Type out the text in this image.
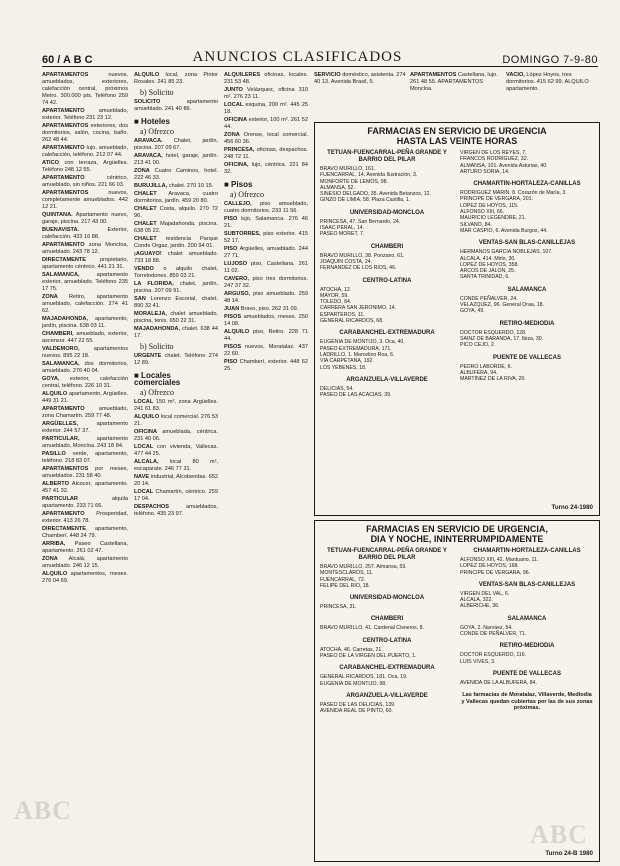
60 / A B C	ANUNCIOS CLASIFICADOS	DOMINGO 7-9-80

APARTAMENTOS nuevos, amueblados, exteriores, calefacción central, próximos Metro. 300.000 pts. Teléfono 259 74 42.

APARTAMENTO amueblado, exterior. Teléfono 231 23 12.

APARTAMENTOS exteriores, dos dormitorios, salón, cocina, baño. 262 48 44.

APARTAMENTO lujo, amueblado, calefacción, teléfono. 212 07 44.

ATICO con terraza, Argüelles. Teléfono 248 12 55.

APARTAMENTO céntrico, amueblado, sin niños. 221 66 03.

APARTAMENTOS nuevos, completamente amueblados. 442 12 21.

QUINTANA. Apartamento nuevo, garaje, piscina. 217 43 00.

BUENAVISTA. Exterior, calefacción. 433 16 88.

APARTAMENTO zona Moncloa, amueblado. 243 78 12.

DIRECTAMENTE propietario, apartamento céntrico. 441 21 31.

SALAMANCA, apartamento exterior, amueblado. Teléfono 235 17 75.

ZONA Retiro, apartamento amueblado, calefacción. 274 41 62.

MAJADAHONDA, apartamento, jardín, piscina. 638 03 11.

CHAMBERI, amueblado, exterior, ascensor. 447 22 55.

VALDEMORO, apartamentos nuevos. 895 22 18.

SALAMANCA, dos dormitorios, amueblado. 276 40 04.

GOYA, exterior, calefacción central, teléfono. 226 10 31.

ALQUILO apartamento, Argüelles. 449 31 21.

APARTAMENTO amueblado, zona Chamartín. 259 77 48.

ARGÜELLES, apartamento exterior. 244 57 37.

PARTICULAR, apartamento amueblado, Moncloa. 243 18 84.

PASILLO verde, apartamento, teléfono. 218 83 07.

APARTAMENTOS por meses, amueblados. 231 58 40.

ALBERTO Alcocer, apartamento. 457 41 32.

PARTICULAR alquila apartamento. 233 71 66.

APARTAMENTO Prosperidad, exterior. 413 26 78.

DIRECTAMENTE apartamento, Chamberí. 448 24 79.

ARRIBA, Paseo Castellana, apartamento. 261 02 47.

ZONA Alcalá, apartamento amueblado. 246 12 15.

ALQUILO apartamentos, meses. 276 04 69.

ALQUILO local, zona Pintor Rosales. 241 85 23.

b) Solicito

SOLICITO apartamento amueblado. 241 40 86.

■ Hoteles
a) Ofrezco

ARAVACA. Chalet, jardín, piscina. 207 09 67.

ARAVACA, hotel, garaje, jardín. 213 41 00.

ZONA Cuatro Caminos, hotel. 222 46 33.

BURUJILLA, chalet. 270 10 15.

CHALET Aravaca, cuatro dormitorios, jardín. 459 20 80.

CHALET Costa, alquilo. 270 72 96.

CHALET Majadahonda, piscina. 638 05 22.

CHALET residencia Parque Conde Orgaz, jardín. 200 94 01.

¡AGUAYO! chalet amueblado. 733 18 88.

VENDO o alquilo chalet, Torrelodones. 859 03 21.

LA FLORIDA, chalet, jardín, piscina. 207 09 91.

SAN Lorenzo Escorial, chalet. 890 32 41.

MORALEJA, chalet amueblado, piscina, tenis. 650 22 31.

MAJADAHONDA, chalet. 638 44 17.

b) Solicito

URGENTE chalet. Teléfono 274 12 89.

■ Locales comerciales
a) Ofrezco

LOCAL 150 m², zona Argüelles. 241 61 83.

ALQUILO local comercial. 276 53 21.

OFICINA amueblada, céntrica. 231 40 06.

LOCAL con vivienda, Vallecas. 477 44 25.

ALCALA, local 80 m², escaparate. 246 77 31.

NAVE industrial, Alcobendas. 652 20 14.

LOCAL Chamartín, céntrico. 259 17 04.

DESPACHOS amueblados, teléfono. 435 23 97.

ALQUILERES oficinas, locales. 231 53 48.

JUNTO Velázquez, oficina 310 m². 276 23 11.

LOCAL esquina, 200 m². 445 25 18.

OFICINA exterior, 100 m². 261 52 44.

ZONA Orense, local comercial. 456 60 36.

PRINCESA, oficinas, despachos. 248 72 11.

OFICINA, lujo, céntrica. 221 84 32.

■ Pisos
a) Ofrezco

CALLEJO, piso amueblado, cuatro dormitorios. 233 11 56.

PISO lujo, Salamanca. 276 46 21.

SUBTORRES, piso exterior. 415 52 17.

PISO Argüelles, amueblado. 244 27 71.

LUJOSO piso, Castellana. 261 11 02.

CAVERO, piso tres dormitorios. 247 37 32.

ARGUSO, piso amueblado. 259 48 14.

JUAN Bravo, piso. 262 31 09.

PISOS amueblados, meses. 250 14 08.

ALQUILO piso, Retiro. 228 71 44.

PISOS nuevos, Moratalaz. 437 22 60.

PISO Chamberí, exterior. 448 62 25.

SERVICIO doméstico, asistenta. 274 40 13. Avenida Brasil, 5.

APARTAMENTOS Castellana, lujo. 261 48 55. APARTAMENTOS Moncloa.

VACIO, López Hoyos, tres dormitorios. 415 62 99. ALQUILO apartamento.

FARMACIAS EN SERVICIO DE URGENCIA
HASTA LAS VEINTE HORAS
TETUAN-FUENCARRAL-PEÑA GRANDE Y BARRIO DEL PILAR

BRAVO MURILLO, 161.

FUENCARRAL, 14. Avenida Ilustración, 3.

MONFORTE DE LEMOS, 98.

ALMANSA, 52.

SINESIO DELGADO, 35. Avenida Betanzos, 12.

GINZO DE LIMIA, 58. Plaza Castilla, 1.

UNIVERSIDAD-MONCLOA

PRINCESA, 47. San Bernardo, 24.

ISAAC PERAL, 14.

PASEO MORET, 7.

CHAMBERI

BRAVO MURILLO, 38. Ponzano, 61.

JOAQUIN COSTA, 24.

FERNANDEZ DE LOS RIOS, 46.

CENTRO-LATINA

ATOCHA, 12.

MAYOR, 59.

TOLEDO, 84.

CARRERA SAN JERONIMO, 14.

ESPARTEROS, 11.

GENERAL RICARDOS, 68.

CARABANCHEL-EXTREMADURA

EUGENIA DE MONTIJO, 3. Oca, 40.

PASEO EXTREMADURA, 171.

LADRILLO, 1. Marcelino Roa, 6.

VIA CARPETANA, 192.

LOS YEBENES, 18.

ARGANZUELA-VILLAVERDE

DELICIAS, 54.

PASEO DE LAS ACACIAS, 39.

VIRGEN DE LOS REYES, 7.

FRANCOS RODRIGUEZ, 32.

ALMANSA, 101. Avenida Asturias, 40.

ARTURO SORIA, 14.

CHAMARTIN-HORTALEZA-CANILLAS

RODRIGUEZ MARIN, 8. Corazón de María, 3.

PRINCIPE DE VERGARA, 201.

LOPEZ DE HOYOS, 115.

ALFONSO XIII, 66.

MAURICIO LEGENDRE, 21.

SILVANO, 84.

MAR CASPIO, 6. Avenida Burgos, 44.

VENTAS-SAN BLAS-CANILLEJAS

HERMANOS GARCIA NOBLEJAS, 107.

ALCALA, 414. Mirlo, 30.

LOPEZ DE HOYOS, 358.

ARCOS DE JALON, 25.

SANTA TRINIDAD, 6.

SALAMANCA

CONDE PEÑALVER, 24.

VELAZQUEZ, 96. General Oraa, 18.

GOYA, 49.

RETIRO-MEDIODIA

DOCTOR ESQUERDO, 128.

SAINZ DE BARANDA, 17. Ibiza, 30.

PICO CEJO, 2.

PUENTE DE VALLECAS

PEDRO LABORDE, 6.

ALBUFERA, 94.

MARTINEZ DE LA RIVA, 20.

Turno 24-1980
FARMACIAS EN SERVICIO DE URGENCIA,
DIA Y NOCHE, ININTERRUMPIDAMENTE
TETUAN-FUENCARRAL-PEÑA GRANDE Y BARRIO DEL PILAR

BRAVO MURILLO, 257. Almansa, 59.

MONTESCLAROS, 11.

FUENCARRAL, 72.

FELIPE DEL RIO, 18.

UNIVERSIDAD-MONCLOA

PRINCESA, 31.

CHAMBERI

BRAVO MURILLO, 41. Cardenal Cisneros, 8.

CENTRO-LATINA

ATOCHA, 46. Carretas, 21.

PASEO DE LA VIRGEN DEL PUERTO, 1.

CARABANCHEL-EXTREMADURA

GENERAL RICARDOS, 181. Oca, 19.

EUGENIA DE MONTIJO, 98.

ARGANZUELA-VILLAVERDE

PASEO DE LAS DELICIAS, 139.

AVENIDA REAL DE PINTO, 60.

CHAMARTIN-HORTALEZA-CANILLAS

ALFONSO XIII, 42. Mantuano, 11.

LOPEZ DE HOYOS, 168.

PRINCIPE DE VERGARA, 96.

VENTAS-SAN BLAS-CANILLEJAS

VIRGEN DEL VAL, 6.

ALCALA, 322.

ALBERICHE, 36.

SALAMANCA

GOYA, 2. Narváez, 54.

CONDE DE PEÑALVER, 71.

RETIRO-MEDIODIA

DOCTOR ESQUERDO, 116.

LUIS VIVES, 3.

PUENTE DE VALLECAS

AVENIDA DE LA ALBUFERA, 84.

Las farmacias de Moratalaz, Villaverde, Mediodía y Vallecas quedan cubiertas por las de sus zonas próximas.
Turno 24-B 1980
ABC
ABC
